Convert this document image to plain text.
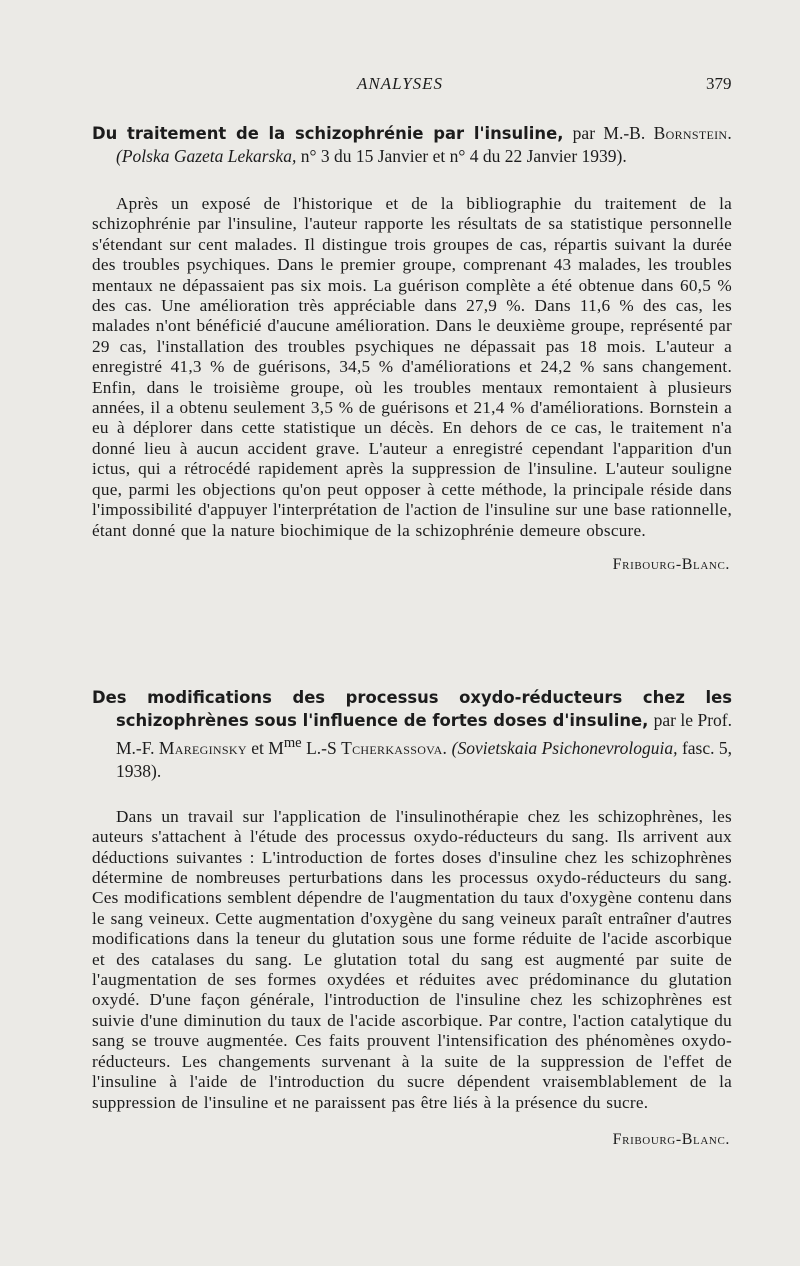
ANALYSES	379

Du traitement de la schizophrénie par l'insuline, par M.-B. Bornstein. (Polska Gazeta Lekarska, n° 3 du 15 Janvier et n° 4 du 22 Janvier 1939).

Après un exposé de l'historique et de la bibliographie du traitement de la schizophrénie par l'insuline, l'auteur rapporte les résultats de sa statistique personnelle s'étendant sur cent malades. Il distingue trois groupes de cas, répartis suivant la durée des troubles psychiques. Dans le premier groupe, comprenant 43 malades, les troubles mentaux ne dépassaient pas six mois. La guérison complète a été obtenue dans 60,5 % des cas. Une amélioration très appréciable dans 27,9 %. Dans 11,6 % des cas, les malades n'ont bénéficié d'aucune amélioration. Dans le deuxième groupe, représenté par 29 cas, l'installation des troubles psychiques ne dépassait pas 18 mois. L'auteur a enregistré 41,3 % de guérisons, 34,5 % d'améliorations et 24,2 % sans changement. Enfin, dans le troisième groupe, où les troubles mentaux remontaient à plusieurs années, il a obtenu seulement 3,5 % de guérisons et 21,4 % d'améliorations. Bornstein a eu à déplorer dans cette statistique un décès. En dehors de ce cas, le traitement n'a donné lieu à aucun accident grave. L'auteur a enregistré cependant l'apparition d'un ictus, qui a rétrocédé rapidement après la suppression de l'insuline. L'auteur souligne que, parmi les objections qu'on peut opposer à cette méthode, la principale réside dans l'impossibilité d'appuyer l'interprétation de l'action de l'insuline sur une base rationnelle, étant donné que la nature biochimique de la schizophrénie demeure obscure.

Fribourg-Blanc.

Des modifications des processus oxydo-réducteurs chez les schizophrènes sous l'influence de fortes doses d'insuline, par le Prof. M.-F. Mareginsky et $M^{me}$ L.-S Tcherkassova. (Sovietskaia Psichonevrologuia, fasc. 5, 1938).

Dans un travail sur l'application de l'insulinothérapie chez les schizophrènes, les auteurs s'attachent à l'étude des processus oxydo-réducteurs du sang. Ils arrivent aux déductions suivantes : L'introduction de fortes doses d'insuline chez les schizophrènes détermine de nombreuses perturbations dans les processus oxydo-réducteurs du sang. Ces modifications semblent dépendre de l'augmentation du taux d'oxygène contenu dans le sang veineux. Cette augmentation d'oxygène du sang veineux paraît entraîner d'autres modifications dans la teneur du glutation sous une forme réduite de l'acide ascorbique et des catalases du sang. Le glutation total du sang est augmenté par suite de l'augmentation de ses formes oxydées et réduites avec prédominance du glutation oxydé. D'une façon générale, l'introduction de l'insuline chez les schizophrènes est suivie d'une diminution du taux de l'acide ascorbique. Par contre, l'action catalytique du sang se trouve augmentée. Ces faits prouvent l'intensification des phénomènes oxydo-réducteurs. Les changements survenant à la suite de la suppression de l'effet de l'insuline à l'aide de l'introduction du sucre dépendent vraisemblablement de la suppression de l'insuline et ne paraissent pas être liés à la présence du sucre.

Fribourg-Blanc.
